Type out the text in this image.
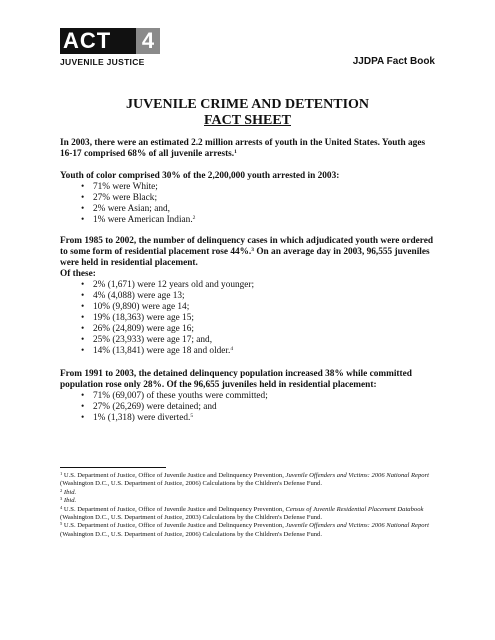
ACT	4
JUVENILE JUSTICE	JJDPA Fact Book
JUVENILE CRIME AND DETENTION
FACT SHEET

In 2003, there were an estimated 2.2 million arrests of youth in the United States. Youth ages 16-17 comprised 68% of all juvenile arrests.$^1$

Youth of color comprised 30% of the 2,200,000 youth arrested in 2003:

• 71% were White;
• 27% were Black;
• 2% were Asian; and,
• 1% were American Indian.$^2$

From 1985 to 2002, the number of delinquency cases in which adjudicated youth were ordered to some form of residential placement rose 44%.$^3$ On an average day in 2003, 96,555 juveniles were held in residential placement.

Of these:

• 2% (1,671) were 12 years old and younger;
• 4% (4,088) were age 13;
• 10% (9,890) were age 14;
• 19% (18,363) were age 15;
• 26% (24,809) were age 16;
• 25% (23,933) were age 17; and,
• 14% (13,841) were age 18 and older.$^4$

From 1991 to 2003, the detained delinquency population increased 38% while committed population rose only 28%. Of the 96,655 juveniles held in residential placement:

• 71% (69,007) of these youths were committed;
• 27% (26,269) were detained; and
• 1% (1,318) were diverted.$^5$

$^1$ U.S. Department of Justice, Office of Juvenile Justice and Delinquency Prevention, Juvenile Offenders and Victims: 2006 National Report (Washington D.C., U.S. Department of Justice, 2006) Calculations by the Children's Defense Fund.

$^2$ Ibid.

$^3$ Ibid.

$^4$ U.S. Department of Justice, Office of Juvenile Justice and Delinquency Prevention, Census of Juvenile Residential Placement Databook (Washington D.C., U.S. Department of Justice, 2003) Calculations by the Children's Defense Fund.

$^5$ U.S. Department of Justice, Office of Juvenile Justice and Delinquency Prevention, Juvenile Offenders and Victims: 2006 National Report (Washington D.C., U.S. Department of Justice, 2006) Calculations by the Children's Defense Fund.
